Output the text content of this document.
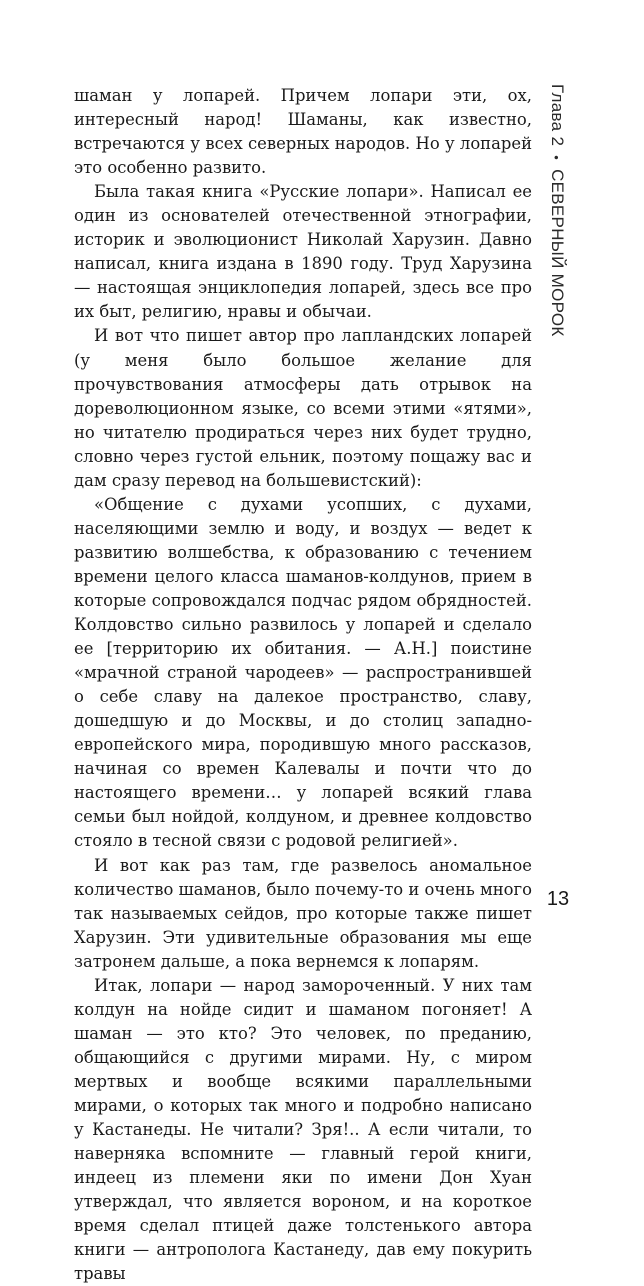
шаман у лопарей. Причем лопари эти, ох, интересный народ! Шаманы, как известно, встречаются у всех северных народов. Но у лопарей это особенно развито.

Была такая книга «Русские лопари». Написал ее один из основателей отечественной этнографии, историк и эволюционист Николай Харузин. Давно написал, книга издана в 1890 году. Труд Харузина — настоящая энциклопедия лопарей, здесь все про их быт, религию, нравы и обычаи.

И вот что пишет автор про лапландских лопарей (у меня было большое желание для прочувствования атмосферы дать отрывок на дореволюционном языке, со всеми этими «ятями», но читателю продираться через них будет трудно, словно через густой ельник, поэтому пощажу вас и дам сразу перевод на большевистский):

«Общение с духами усопших, с духами, населяющими землю и воду, и воздух — ведет к развитию волшебства, к образованию с течением времени целого класса шаманов-колдунов, прием в которые сопровождался подчас рядом обрядностей. Колдовство сильно развилось у лопарей и сделало ее [территорию их обитания. — А.Н.] поистине «мрачной страной чародеев» — распространившей о себе славу на далекое пространство, славу, дошедшую и до Москвы, и до столиц западно-европейского мира, породившую много рассказов, начиная со времен Калевалы и почти что до настоящего времени… у лопарей всякий глава семьи был нойдой, колдуном, и древнее колдовство стояло в тесной связи с родовой религией».

И вот как раз там, где развелось аномальное количество шаманов, было почему-то и очень много так называемых сейдов, про которые также пишет Харузин. Эти удивительные образования мы еще затронем дальше, а пока вернемся к лопарям.

Итак, лопари — народ замороченный. У них там колдун на нойде сидит и шаманом погоняет! А шаман — это кто? Это человек, по преданию, общающийся с другими мирами. Ну, с миром мертвых и вообще всякими параллельными мирами, о которых так много и подробно написано у Кастанеды. Не читали? Зря!.. А если читали, то наверняка вспомните — главный герой книги, индеец из племени яки по имени Дон Хуан утверждал, что является вороном, и на короткое время сделал птицей даже толстенького автора книги — антрополога Кастанеду, дав ему покурить травы

Глава 2•СЕВЕРНЫЙ МОРОК
13
